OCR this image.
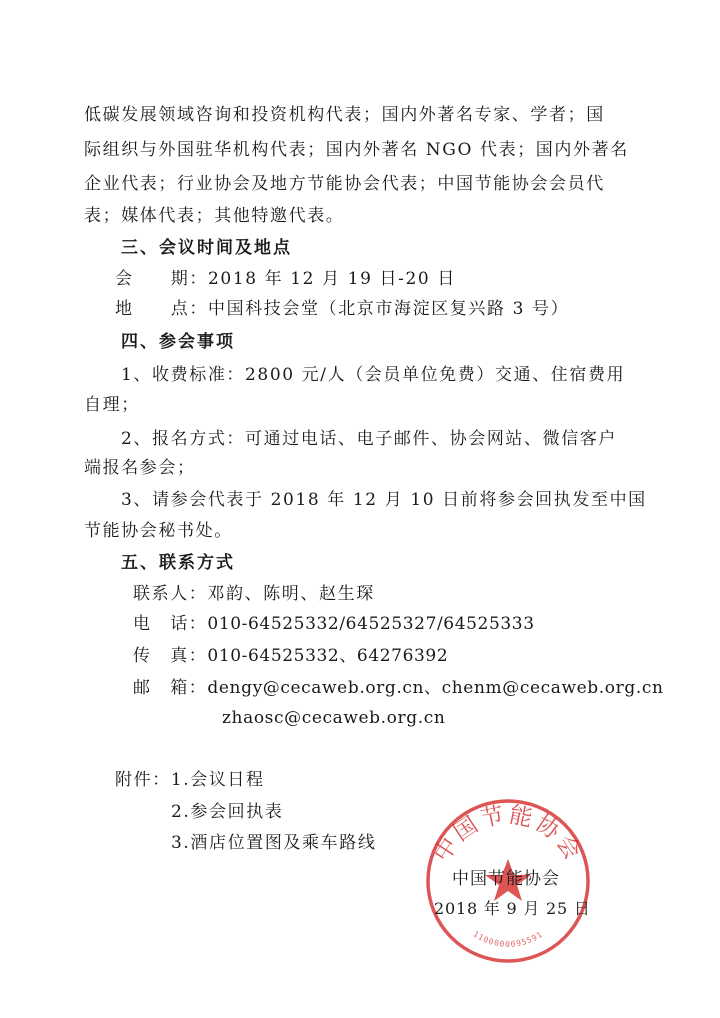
低碳发展领域咨询和投资机构代表；国内外著名专家、学者；国
际组织与外国驻华机构代表；国内外著名 NGO 代表；国内外著名
企业代表；行业协会及地方节能协会代表；中国节能协会会员代
表；媒体代表；其他特邀代表。
三、会议时间及地点
会　　期：2018 年 12 月 19 日-20 日
地　　点：中国科技会堂（北京市海淀区复兴路 3 号）
四、参会事项
1、收费标准：2800 元/人（会员单位免费）交通、住宿费用
自理；
2、报名方式：可通过电话、电子邮件、协会网站、微信客户
端报名参会；
3、请参会代表于 2018 年 12 月 10 日前将参会回执发至中国
节能协会秘书处。
五、联系方式
联系人：邓韵、陈明、赵生琛
电　话：010-64525332/64525327/64525333
传　真：010-64525332、64276392
邮　箱：dengy@cecaweb.org.cn、chenm@cecaweb.org.cn
zhaosc@cecaweb.org.cn
附件：1.会议日程
2.参会回执表
3.酒店位置图及乘车路线 中国节能协会
1100000095591
中国节能协会
2018 年 9 月 25 日
